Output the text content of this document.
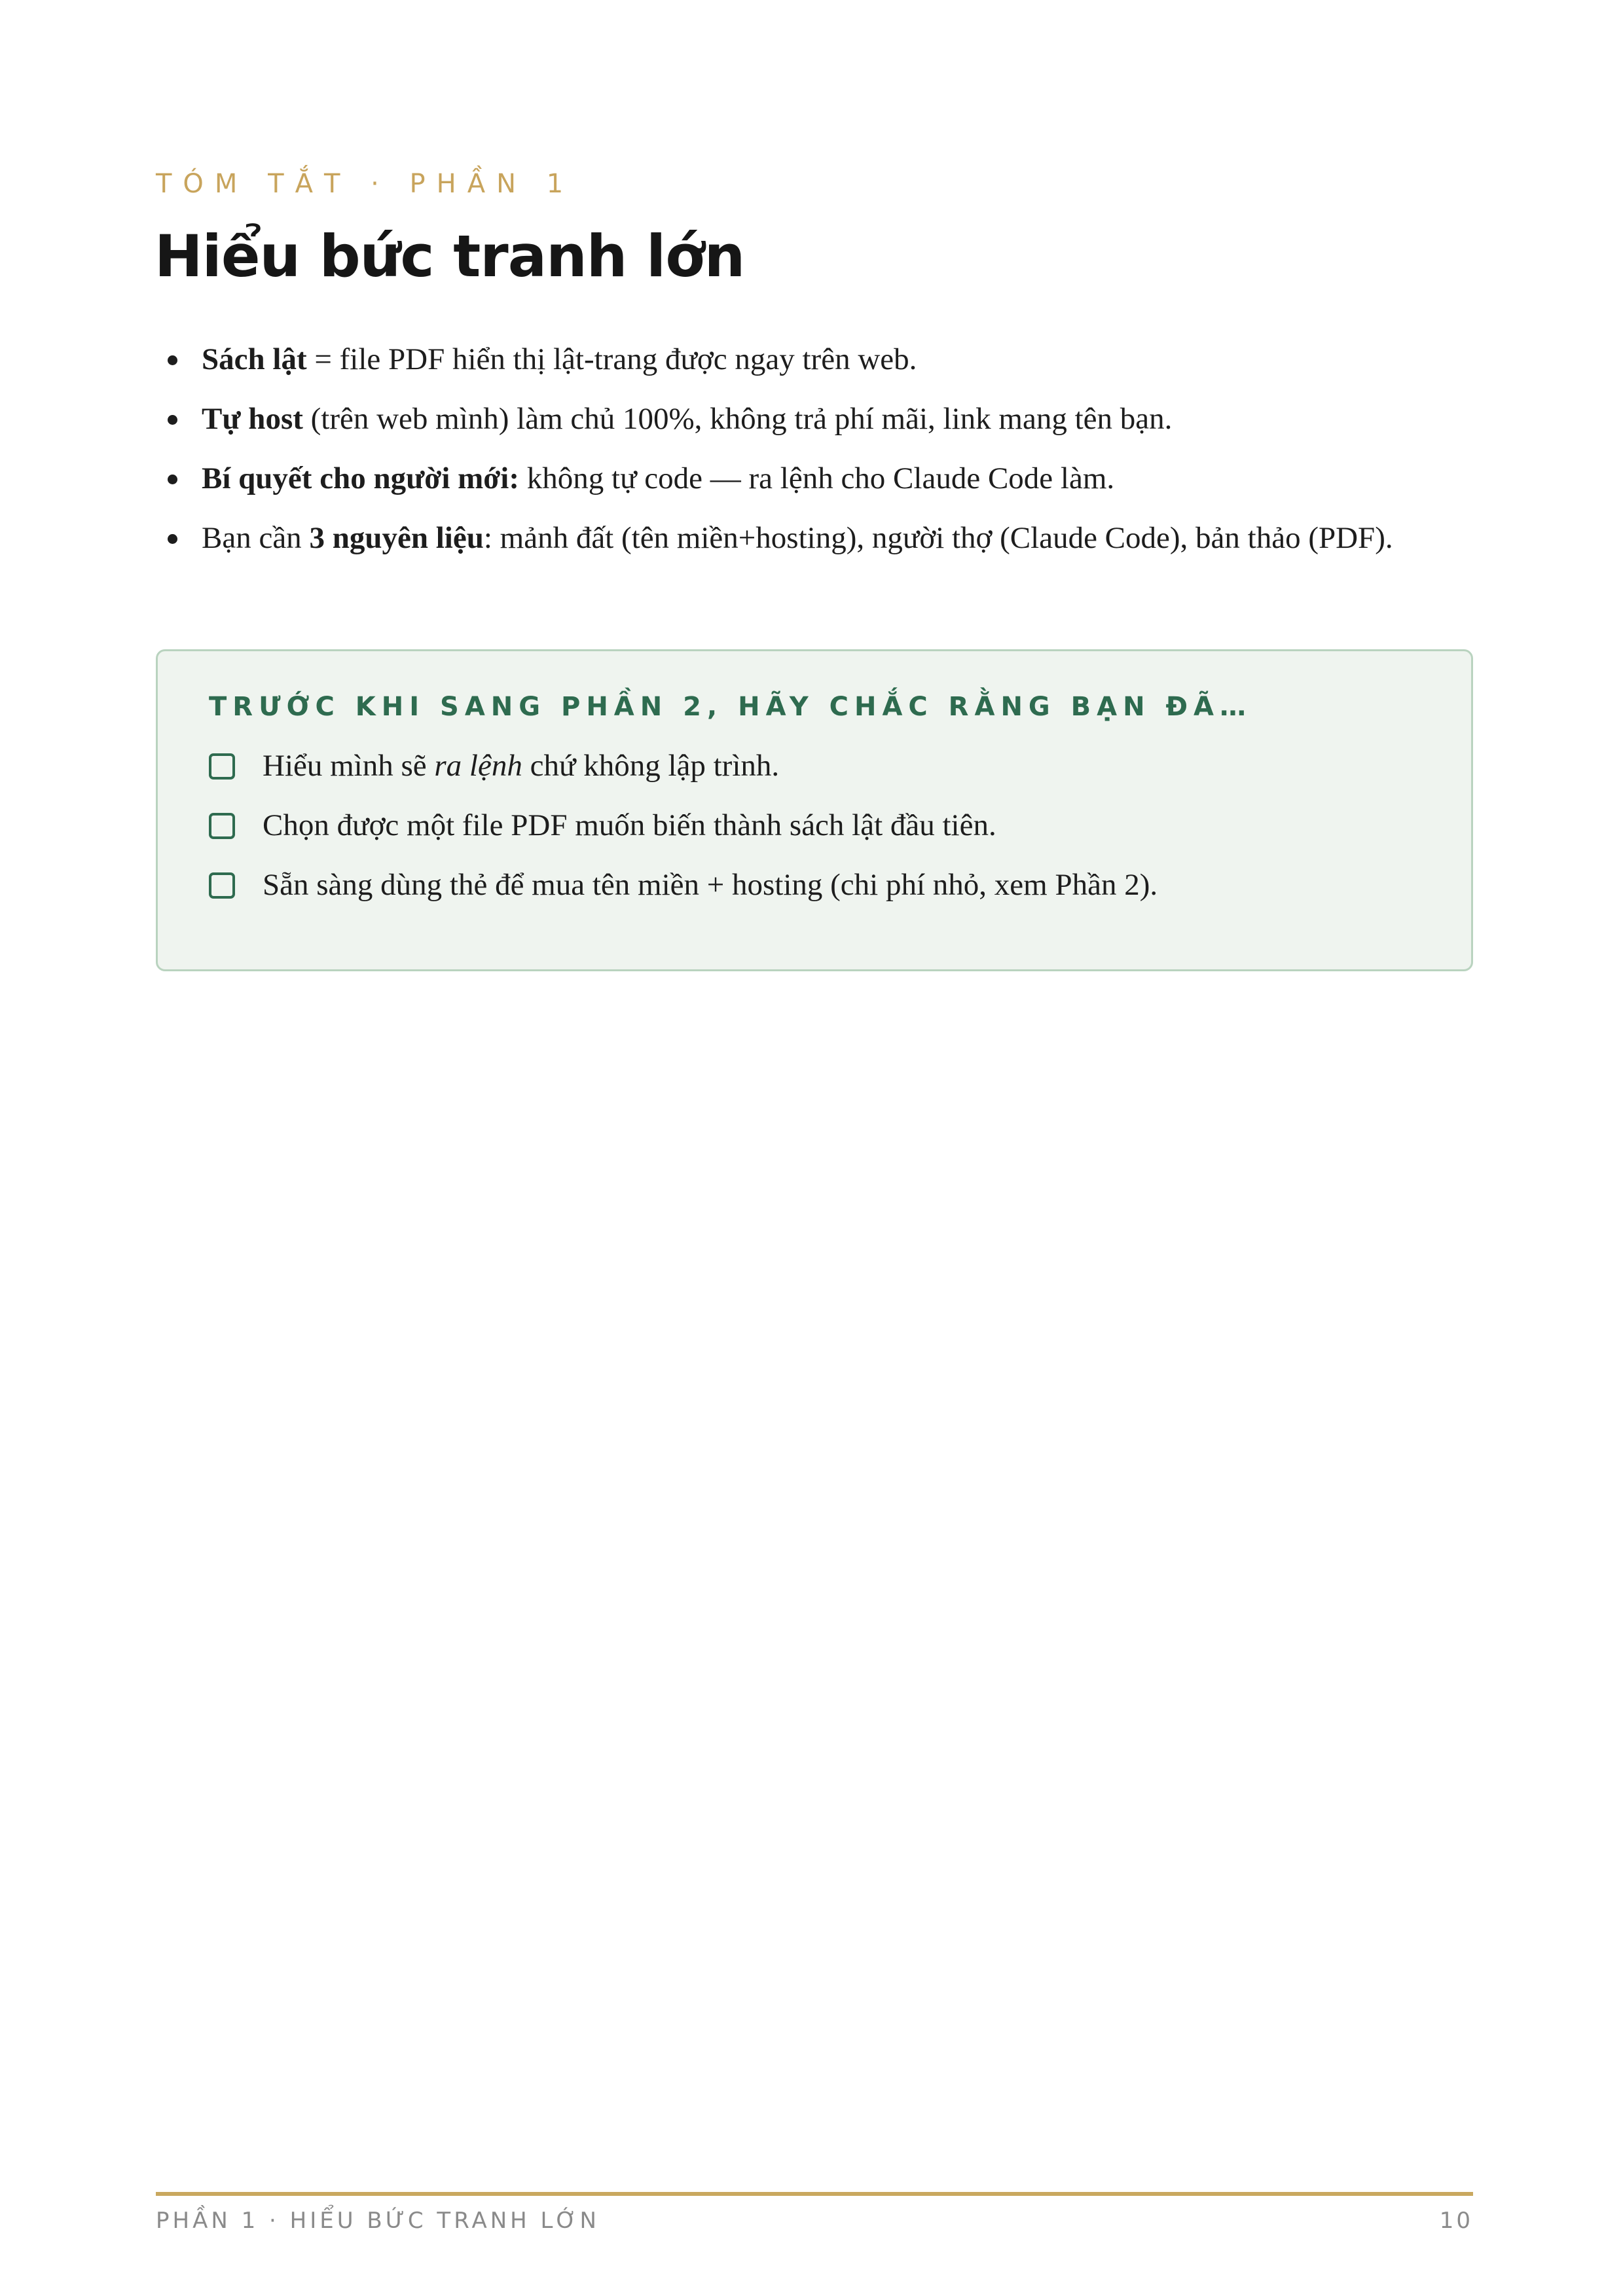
TÓM TẮT · PHẦN 1
Hiểu bức tranh lớn
Sách lật = file PDF hiển thị lật-trang được ngay trên web.
Tự host (trên web mình) làm chủ 100%, không trả phí mãi, link mang tên bạn.
Bí quyết cho người mới: không tự code — ra lệnh cho Claude Code làm.
Bạn cần 3 nguyên liệu: mảnh đất (tên miền+hosting), người thợ (Claude Code), bản thảo (PDF).
TRƯỚC KHI SANG PHẦN 2, HÃY CHẮC RẰNG BẠN ĐÃ…
Hiểu mình sẽ ra lệnh chứ không lập trình.
Chọn được một file PDF muốn biến thành sách lật đầu tiên.
Sẵn sàng dùng thẻ để mua tên miền + hosting (chi phí nhỏ, xem Phần 2).
PHẦN 1 · HIỂU BỨC TRANH LỚN	10
